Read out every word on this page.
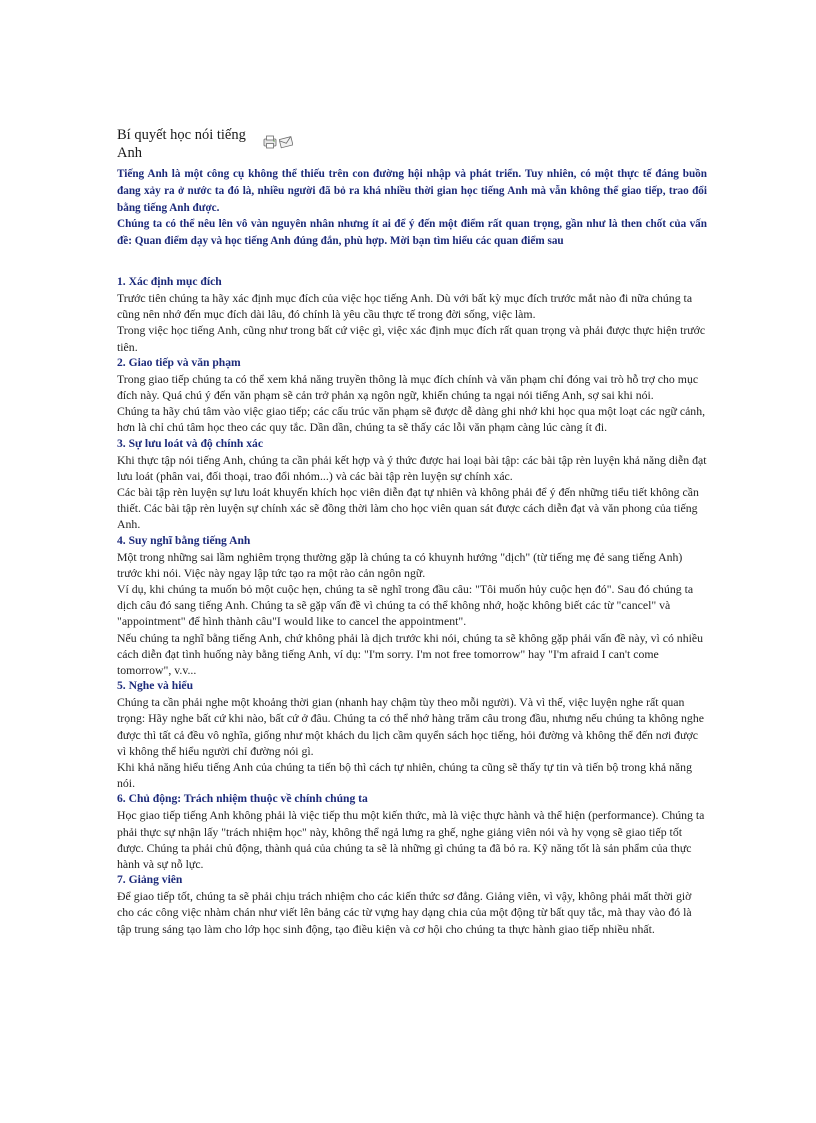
Bí quyết học nói tiếng Anh

Tiếng Anh là một công cụ không thể thiếu trên con đường hội nhập và phát triển. Tuy nhiên, có một thực tế đáng buồn đang xảy ra ở nước ta đó là, nhiều người đã bỏ ra khá nhiều thời gian học tiếng Anh mà vẫn không thể giao tiếp, trao đổi bằng tiếng Anh được.

Chúng ta có thể nêu lên vô vàn nguyên nhân nhưng ít ai để ý đến một điểm rất quan trọng, gần như là then chốt của vấn đề: Quan điểm dạy và học tiếng Anh đúng đắn, phù hợp. Mời bạn tìm hiểu các quan điểm sau

1. Xác định mục đích

Trước tiên chúng ta hãy xác định mục đích của việc học tiếng Anh. Dù với bất kỳ mục đích trước mắt nào đi nữa chúng ta cũng nên nhớ đến mục đích dài lâu, đó chính là yêu cầu thực tế trong đời sống, việc làm.

Trong việc học tiếng Anh, cũng như trong bất cứ việc gì, việc xác định mục đích rất quan trọng và phải được thực hiện trước tiên.

2. Giao tiếp và văn phạm

Trong giao tiếp chúng ta có thể xem khả năng truyền thông là mục đích chính và văn phạm chỉ đóng vai trò hỗ trợ cho mục đích này. Quá chú ý đến văn phạm sẽ cản trở phản xạ ngôn ngữ, khiến chúng ta ngại nói tiếng Anh, sợ sai khi nói.

Chúng ta hãy chú tâm vào việc giao tiếp; các cấu trúc văn phạm sẽ được dễ dàng ghi nhớ khi học qua một loạt các ngữ cảnh, hơn là chỉ chú tâm học theo các quy tắc. Dần dần, chúng ta sẽ thấy các lỗi văn phạm càng lúc càng ít đi.

3. Sự lưu loát và độ chính xác

Khi thực tập nói tiếng Anh, chúng ta cần phải kết hợp và ý thức được hai loại bài tập: các bài tập rèn luyện khả năng diễn đạt lưu loát (phân vai, đối thoại, trao đổi nhóm...) và các bài tập rèn luyện sự chính xác.

Các bài tập rèn luyện sự lưu loát khuyến khích học viên diễn đạt tự nhiên và không phải để ý đến những tiểu tiết không cần thiết. Các bài tập rèn luyện sự chính xác sẽ đồng thời làm cho học viên quan sát được cách diễn đạt và văn phong của tiếng Anh.

4. Suy nghĩ bằng tiếng Anh

Một trong những sai lầm nghiêm trọng thường gặp là chúng ta có khuynh hướng "dịch" (từ tiếng mẹ đẻ sang tiếng Anh) trước khi nói. Việc này ngay lập tức tạo ra một rào cản ngôn ngữ.

Ví dụ, khi chúng ta muốn bỏ một cuộc hẹn, chúng ta sẽ nghĩ trong đầu câu: "Tôi muốn hủy cuộc hẹn đó". Sau đó chúng ta dịch câu đó sang tiếng Anh. Chúng ta sẽ gặp vấn đề vì chúng ta có thể không nhớ, hoặc không biết các từ "cancel" và "appointment" để hình thành câu"I would like to cancel the appointment".

Nếu chúng ta nghĩ bằng tiếng Anh, chứ không phải là dịch trước khi nói, chúng ta sẽ không gặp phải vấn đề này, vì có nhiều cách diễn đạt tình huống này bằng tiếng Anh, ví dụ: "I'm sorry. I'm not free tomorrow" hay "I'm afraid I can't come tomorrow", v.v...

5. Nghe và hiểu

Chúng ta cần phải nghe một khoảng thời gian (nhanh hay chậm tùy theo mỗi người). Và vì thế, việc luyện nghe rất quan trọng: Hãy nghe bất cứ khi nào, bất cứ ở đâu. Chúng ta có thể nhớ hàng trăm câu trong đầu, nhưng nếu chúng ta không nghe được thì tất cả đều vô nghĩa, giống như một khách du lịch cầm quyển sách học tiếng, hỏi đường và không thể đến nơi được vì không thể hiểu người chỉ đường nói gì.

Khi khả năng hiểu tiếng Anh của chúng ta tiến bộ thì cách tự nhiên, chúng ta cũng sẽ thấy tự tin và tiến bộ trong khả năng nói.

6. Chủ động: Trách nhiệm thuộc về chính chúng ta

Học giao tiếp tiếng Anh không phải là việc tiếp thu một kiến thức, mà là việc thực hành và thể hiện (performance). Chúng ta phải thực sự nhận lấy "trách nhiệm học" này, không thể ngả lưng ra ghế, nghe giảng viên nói và hy vọng sẽ giao tiếp tốt được. Chúng ta phải chủ động, thành quả của chúng ta sẽ là những gì chúng ta đã bỏ ra. Kỹ năng tốt là sản phẩm của thực hành và sự nỗ lực.

7. Giảng viên

Để giao tiếp tốt, chúng ta sẽ phải chịu trách nhiệm cho các kiến thức sơ đẳng. Giảng viên, vì vậy, không phải mất thời giờ cho các công việc nhàm chán như viết lên bảng các từ vựng hay dạng chia của một động từ bất quy tắc, mà thay vào đó là tập trung sáng tạo làm cho lớp học sinh động, tạo điều kiện và cơ hội cho chúng ta thực hành giao tiếp nhiều nhất.
